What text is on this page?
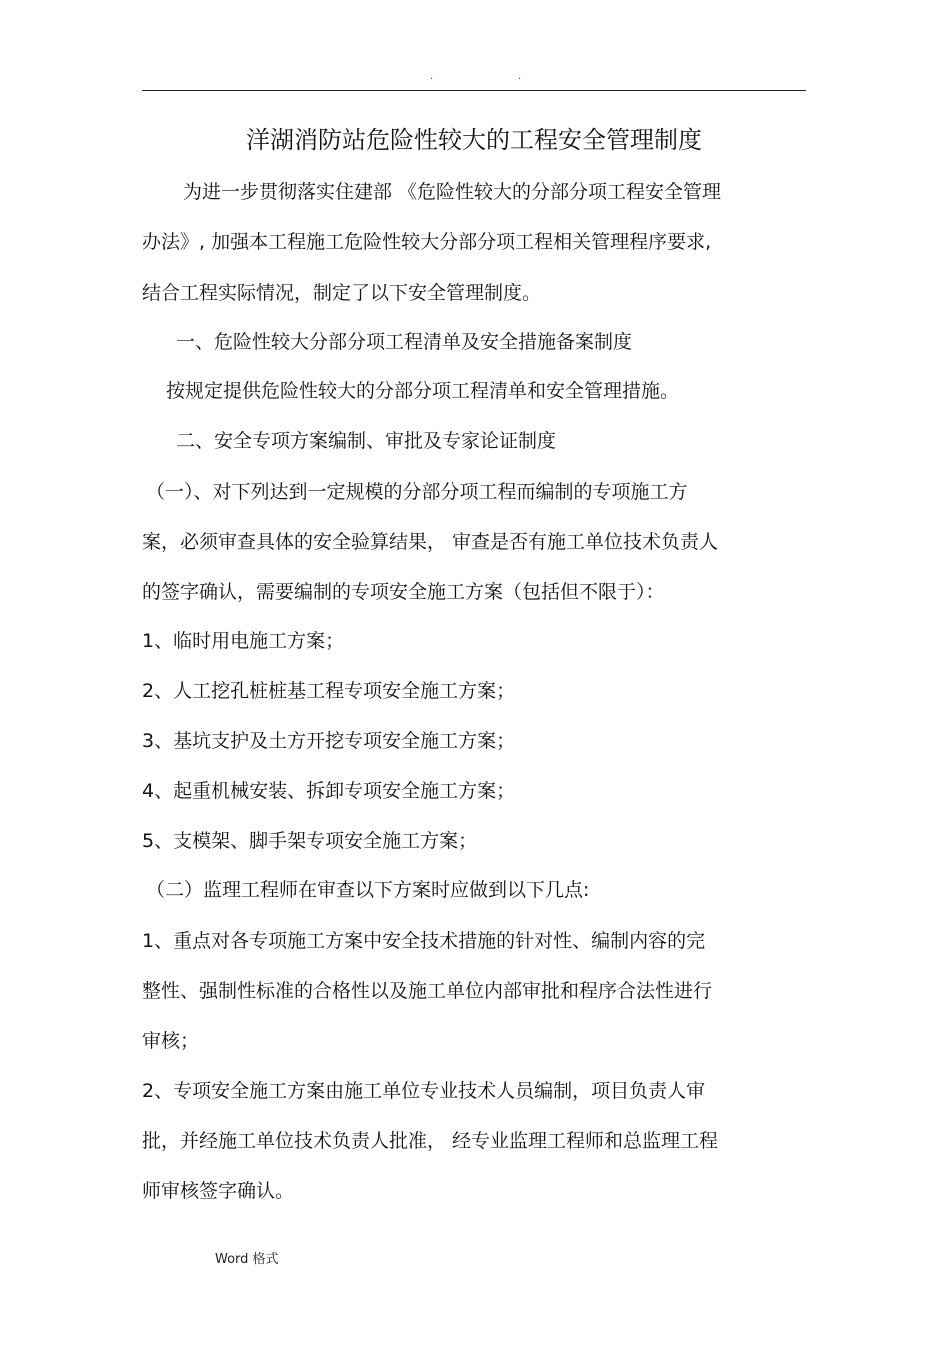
.	.
洋湖消防站危险性较大的工程安全管理制度
为进一步贯彻落实住建部 《危险性较大的分部分项工程安全管理
办法》, 加强本工程施工危险性较大分部分项工程相关管理程序要求,
结合工程实际情况，制定了以下安全管理制度。
一、危险性较大分部分项工程清单及安全措施备案制度
按规定提供危险性较大的分部分项工程清单和安全管理措施。
二、安全专项方案编制、审批及专家论证制度
（一）、对下列达到一定规模的分部分项工程而编制的专项施工方
案，必须审查具体的安全验算结果， 审查是否有施工单位技术负责人
的签字确认，需要编制的专项安全施工方案（包括但不限于）：
1、临时用电施工方案；
2、人工挖孔桩桩基工程专项安全施工方案；
3、基坑支护及土方开挖专项安全施工方案；
4、起重机械安装、拆卸专项安全施工方案；
5、支模架、脚手架专项安全施工方案；
（二）监理工程师在审查以下方案时应做到以下几点:
1、重点对各专项施工方案中安全技术措施的针对性、编制内容的完
整性、强制性标准的合格性以及施工单位内部审批和程序合法性进行
审核；
2、专项安全施工方案由施工单位专业技术人员编制，项目负责人审
批，并经施工单位技术负责人批准， 经专业监理工程师和总监理工程
师审核签字确认。
Word 格式
